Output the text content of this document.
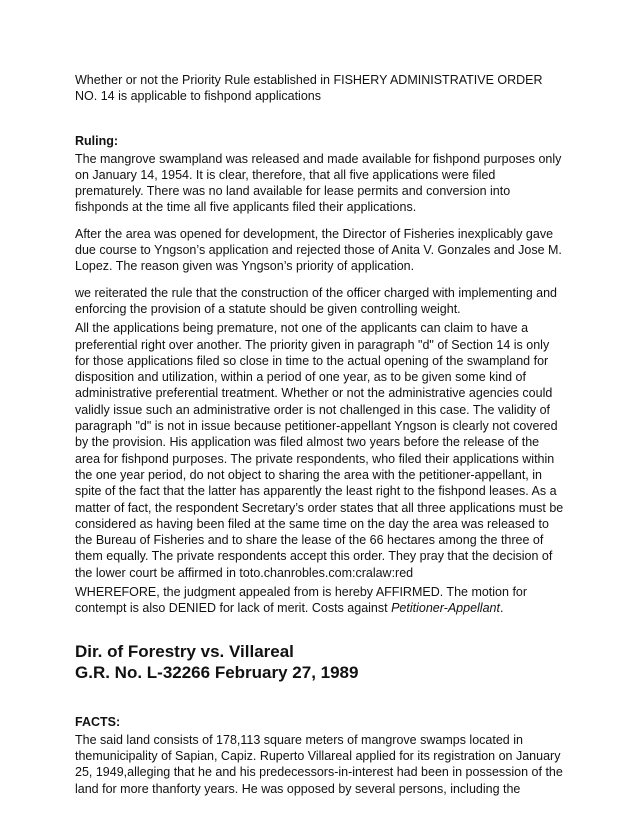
Whether or not the Priority Rule established in FISHERY ADMINISTRATIVE ORDER NO. 14 is applicable to fishpond applications

Ruling:

The mangrove swampland was released and made available for fishpond purposes only on January 14, 1954. It is clear, therefore, that all five applications were filed prematurely. There was no land available for lease permits and conversion into fishponds at the time all five applicants filed their applications.

After the area was opened for development, the Director of Fisheries inexplicably gave due course to Yngson’s application and rejected those of Anita V. Gonzales and Jose M. Lopez. The reason given was Yngson’s priority of application.

we reiterated the rule that the construction of the officer charged with implementing and enforcing the provision of a statute should be given controlling weight.

All the applications being premature, not one of the applicants can claim to have a preferential right over another. The priority given in paragraph "d" of Section 14 is only for those applications filed so close in time to the actual opening of the swampland for disposition and utilization, within a period of one year, as to be given some kind of administrative preferential treatment. Whether or not the administrative agencies could validly issue such an administrative order is not challenged in this case. The validity of paragraph "d" is not in issue because petitioner-appellant Yngson is clearly not covered by the provision. His application was filed almost two years before the release of the area for fishpond purposes. The private respondents, who filed their applications within the one year period, do not object to sharing the area with the petitioner-appellant, in spite of the fact that the latter has apparently the least right to the fishpond leases. As a matter of fact, the respondent Secretary’s order states that all three applications must be considered as having been filed at the same time on the day the area was released to the Bureau of Fisheries and to share the lease of the 66 hectares among the three of them equally. The private respondents accept this order. They pray that the decision of the lower court be affirmed in toto.chanrobles.com:cralaw:red

WHEREFORE, the judgment appealed from is hereby AFFIRMED. The motion for contempt is also DENIED for lack of merit. Costs against Petitioner-Appellant.

Dir. of Forestry vs. Villareal

G.R. No. L-32266 February 27, 1989

FACTS:

The said land consists of 178,113 square meters of mangrove swamps located in themunicipality of Sapian, Capiz. Ruperto Villareal applied for its registration on January 25, 1949,alleging that he and his predecessors-in-interest had been in possession of the land for more thanforty years. He was opposed by several persons, including the
